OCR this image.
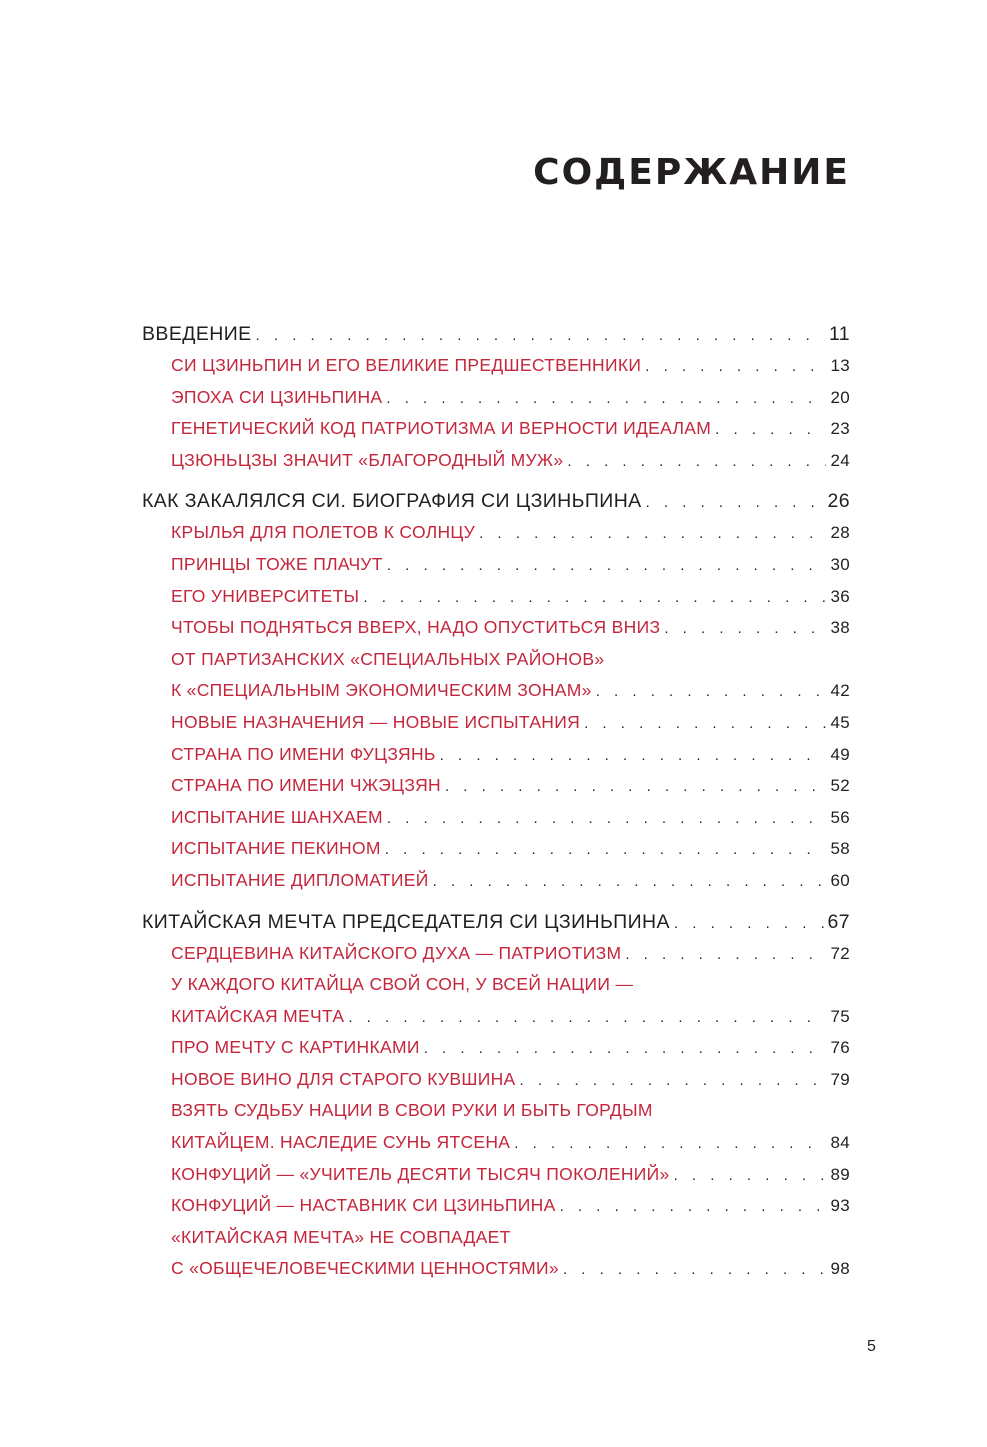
СОДЕРЖАНИЕ
ВВЕДЕНИЕ . . .	11
СИ ЦЗИНЬПИН И ЕГО ВЕЛИКИЕ ПРЕДШЕСТВЕННИКИ . . .	13
ЭПОХА СИ ЦЗИНЬПИНА . . .	20
ГЕНЕТИЧЕСКИЙ КОД ПАТРИОТИЗМА И ВЕРНОСТИ ИДЕАЛАМ . . .	23
ЦЗЮНЬЦЗЫ ЗНАЧИТ «БЛАГОРОДНЫЙ МУЖ» . . .	24
КАК ЗАКАЛЯЛСЯ СИ. БИОГРАФИЯ СИ ЦЗИНЬПИНА . . .	26
КРЫЛЬЯ ДЛЯ ПОЛЕТОВ К СОЛНЦУ . . .	28
ПРИНЦЫ ТОЖЕ ПЛАЧУТ . . .	30
ЕГО УНИВЕРСИТЕТЫ . . .	36
ЧТОБЫ ПОДНЯТЬСЯ ВВЕРХ, НАДО ОПУСТИТЬСЯ ВНИЗ . . .	38
ОТ ПАРТИЗАНСКИХ «СПЕЦИАЛЬНЫХ РАЙОНОВ»
К «СПЕЦИАЛЬНЫМ ЭКОНОМИЧЕСКИМ ЗОНАМ» . . .	42
НОВЫЕ НАЗНАЧЕНИЯ — НОВЫЕ ИСПЫТАНИЯ . . .	45
СТРАНА ПО ИМЕНИ ФУЦЗЯНЬ . . .	49
СТРАНА ПО ИМЕНИ ЧЖЭЦЗЯН . . .	52
ИСПЫТАНИЕ ШАНХАЕМ . . .	56
ИСПЫТАНИЕ ПЕКИНОМ . . .	58
ИСПЫТАНИЕ ДИПЛОМАТИЕЙ . . .	60
КИТАЙСКАЯ МЕЧТА ПРЕДСЕДАТЕЛЯ СИ ЦЗИНЬПИНА . . .	67
СЕРДЦЕВИНА КИТАЙСКОГО ДУХА — ПАТРИОТИЗМ . . .	72
У КАЖДОГО КИТАЙЦА СВОЙ СОН, У ВСЕЙ НАЦИИ —
КИТАЙСКАЯ МЕЧТА . . .	75
ПРО МЕЧТУ С КАРТИНКАМИ . . .	76
НОВОЕ ВИНО ДЛЯ СТАРОГО КУВШИНА . . .	79
ВЗЯТЬ СУДЬБУ НАЦИИ В СВОИ РУКИ И БЫТЬ ГОРДЫМ
КИТАЙЦЕМ. НАСЛЕДИЕ СУНЬ ЯТСЕНА . . .	84
КОНФУЦИЙ — «УЧИТЕЛЬ ДЕСЯТИ ТЫСЯЧ ПОКОЛЕНИЙ» . . .	89
КОНФУЦИЙ — НАСТАВНИК СИ ЦЗИНЬПИНА . . .	93
«КИТАЙСКАЯ МЕЧТА» НЕ СОВПАДАЕТ
С «ОБЩЕЧЕЛОВЕЧЕСКИМИ ЦЕННОСТЯМИ» . . .	98
5
